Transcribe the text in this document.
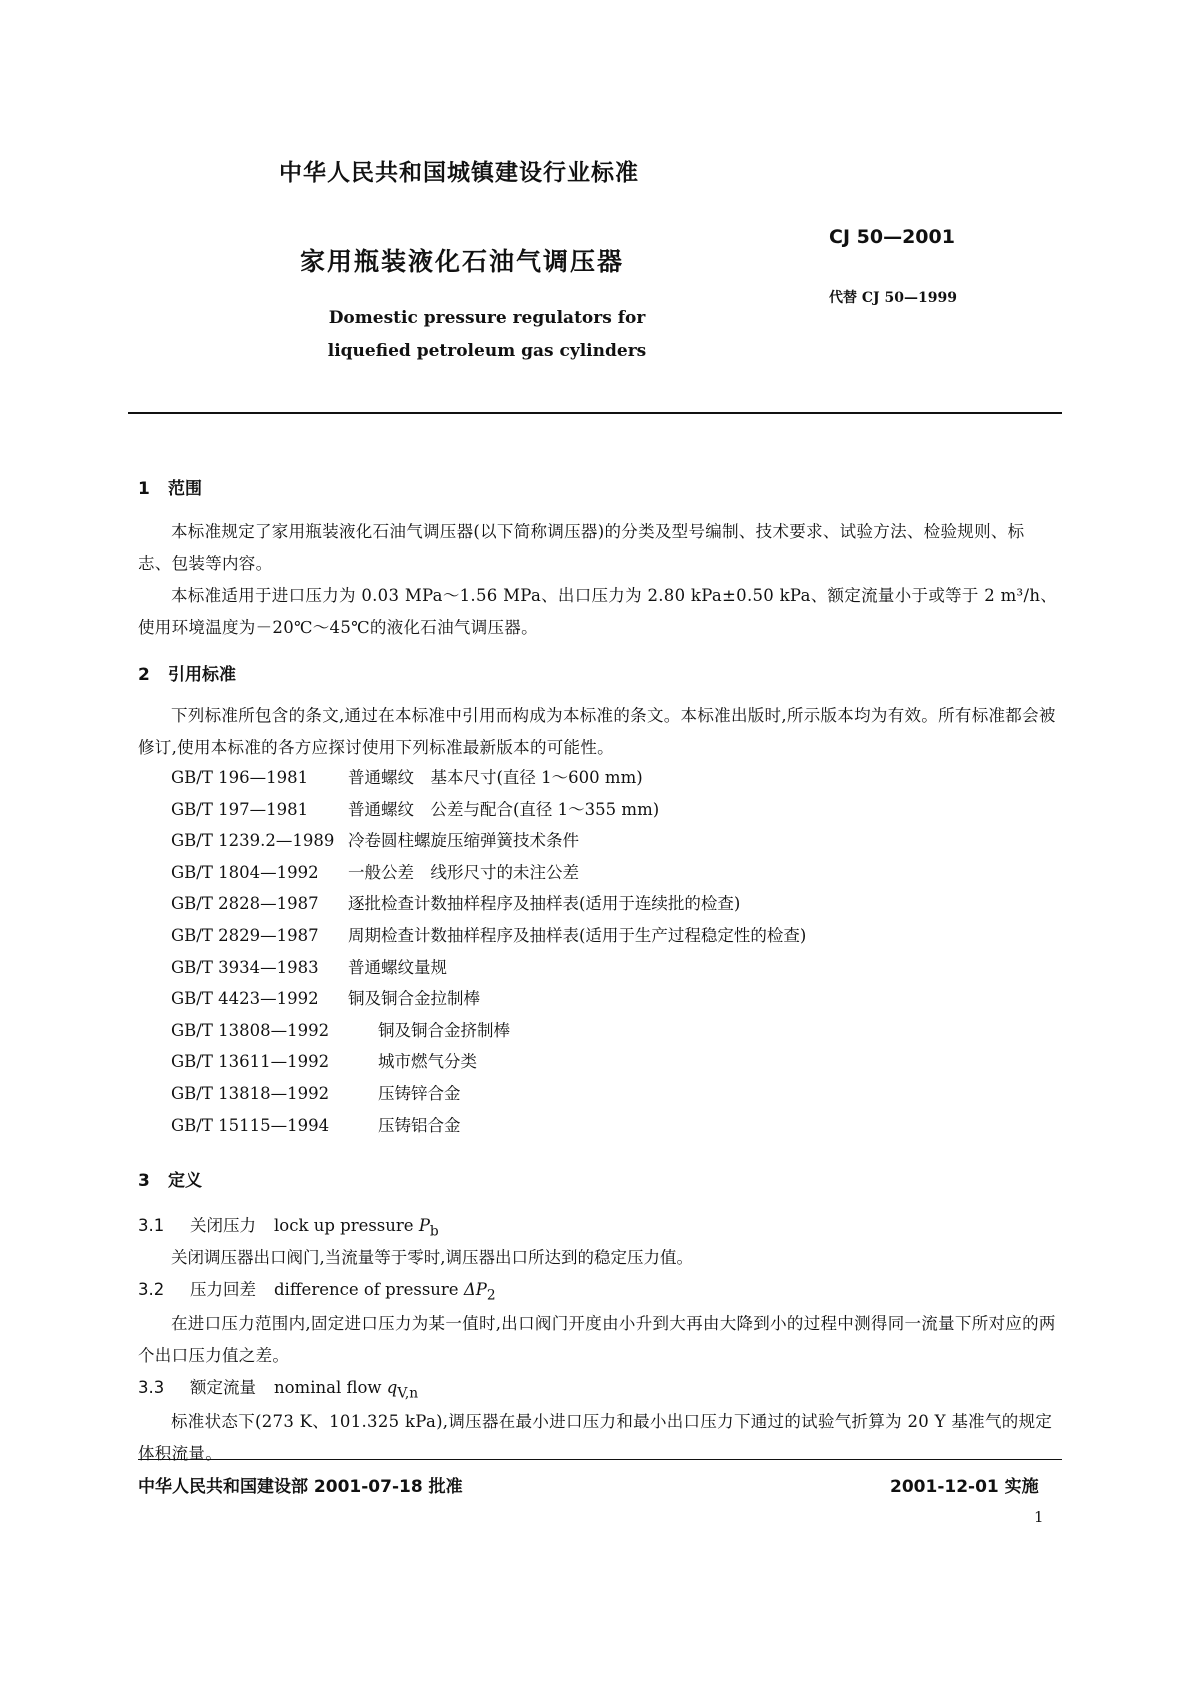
中华人民共和国城镇建设行业标准
家用瓶装液化石油气调压器
Domestic pressure regulators for liquefied petroleum gas cylinders
CJ 50—2001
代替 CJ 50—1999
1 范围
本标准规定了家用瓶装液化石油气调压器(以下简称调压器)的分类及型号编制、技术要求、试验方法、检验规则、标志、包装等内容。
本标准适用于进口压力为 0.03 MPa～1.56 MPa、出口压力为 2.80 kPa±0.50 kPa、额定流量小于或等于 2 m³/h、使用环境温度为－20℃～45℃的液化石油气调压器。
2 引用标准
下列标准所包含的条文,通过在本标准中引用而构成为本标准的条文。本标准出版时,所示版本均为有效。所有标准都会被修订,使用本标准的各方应探讨使用下列标准最新版本的可能性。
GB/T 196—1981 普通螺纹　基本尺寸(直径 1～600 mm)
GB/T 197—1981 普通螺纹　公差与配合(直径 1～355 mm)
GB/T 1239.2—1989 冷卷圆柱螺旋压缩弹簧技术条件
GB/T 1804—1992 一般公差　线形尺寸的未注公差
GB/T 2828—1987 逐批检查计数抽样程序及抽样表(适用于连续批的检查)
GB/T 2829—1987 周期检查计数抽样程序及抽样表(适用于生产过程稳定性的检查)
GB/T 3934—1983 普通螺纹量规
GB/T 4423—1992 铜及铜合金拉制棒
GB/T 13808—1992	铜及铜合金挤制棒
GB/T 13611—1992	城市燃气分类
GB/T 13818—1992	压铸锌合金
GB/T 15115—1994	压铸铝合金
3 定义
3.1 关闭压力 lock up pressure $P_b$
关闭调压器出口阀门,当流量等于零时,调压器出口所达到的稳定压力值。
3.2 压力回差 difference of pressure $\Delta P_2$
在进口压力范围内,固定进口压力为某一值时,出口阀门开度由小升到大再由大降到小的过程中测得同一流量下所对应的两个出口压力值之差。
3.3 额定流量 nominal flow $q_{V,n}$
标准状态下(273 K、101.325 kPa),调压器在最小进口压力和最小出口压力下通过的试验气折算为 20 Y 基准气的规定体积流量。
中华人民共和国建设部 2001-07-18 批准	2001-12-01 实施
1
